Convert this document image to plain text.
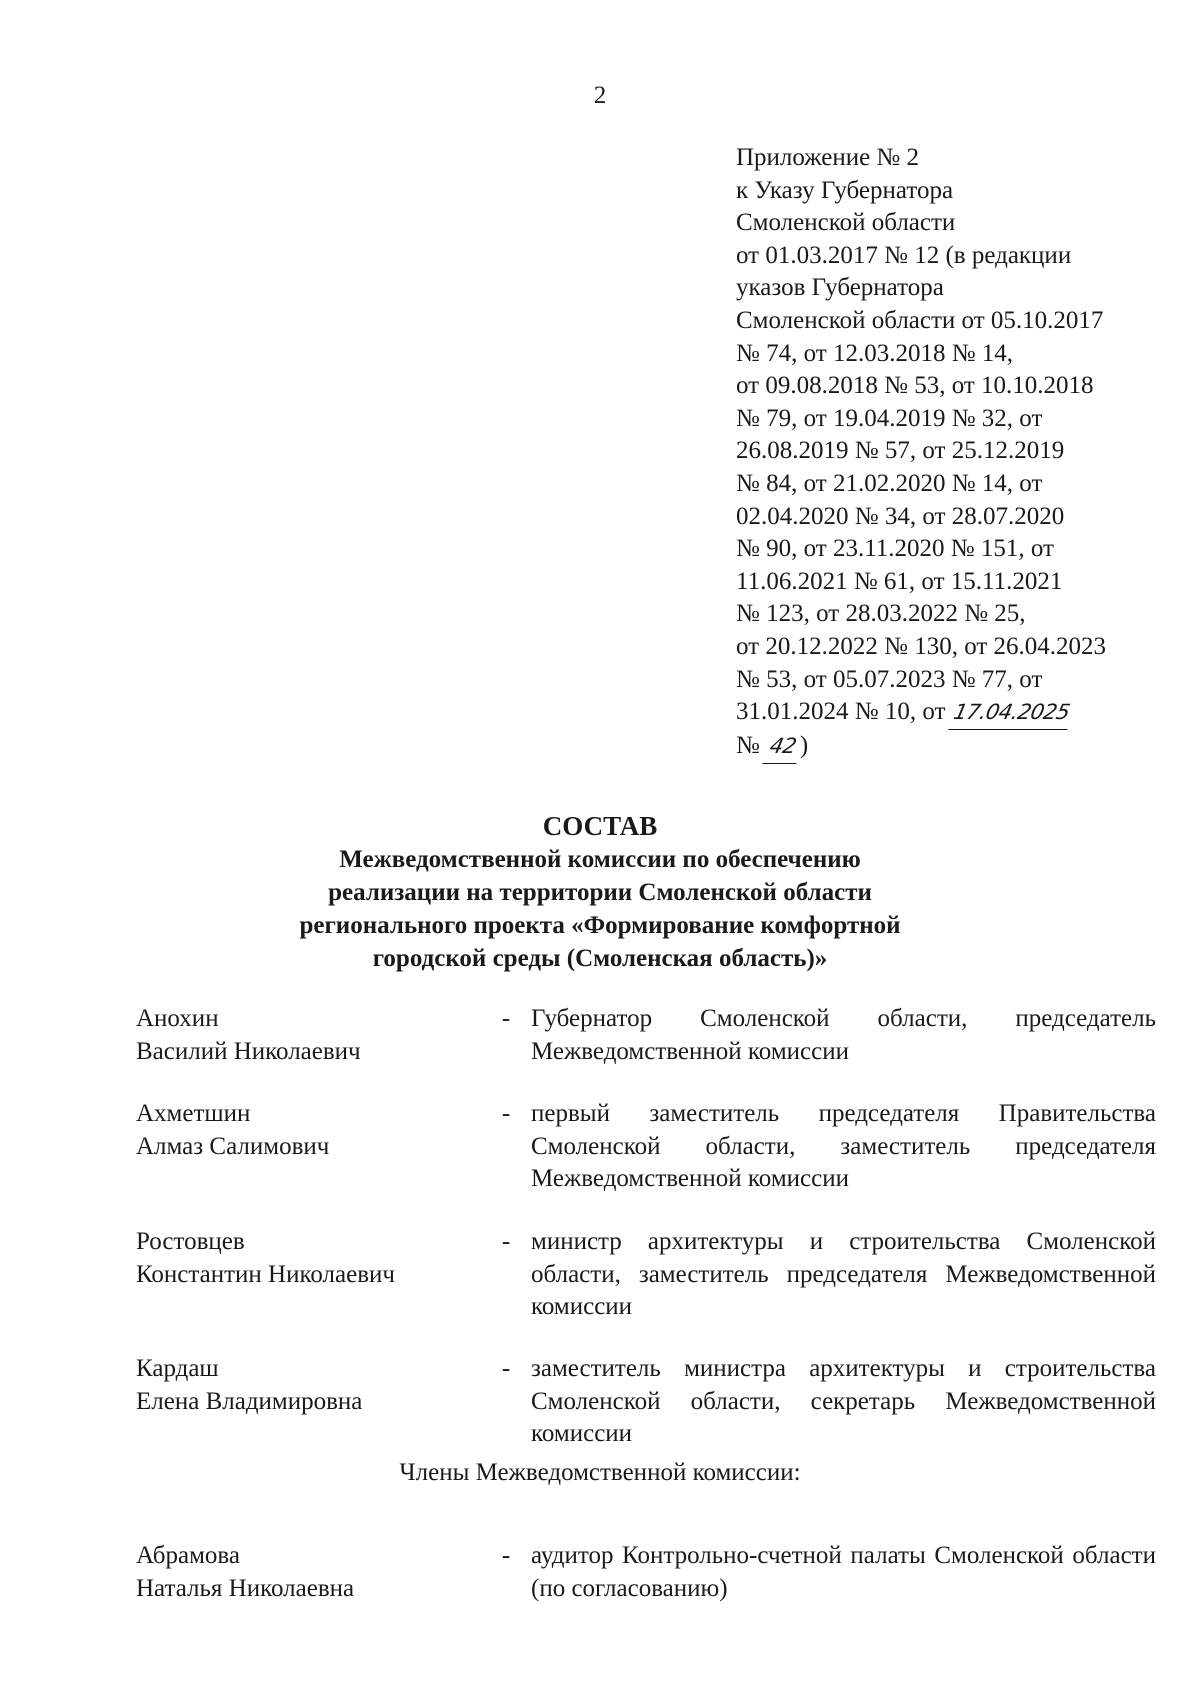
2
Приложение № 2
к Указу Губернатора
Смоленской области
от 01.03.2017 № 12 (в редакции
указов Губернатора
Смоленской области от 05.10.2017
№ 74, от 12.03.2018 № 14,
от 09.08.2018 № 53, от 10.10.2018
№ 79, от 19.04.2019 № 32, от
26.08.2019 № 57, от 25.12.2019
№ 84, от 21.02.2020 № 14, от
02.04.2020 № 34, от 28.07.2020
№ 90, от 23.11.2020 № 151, от
11.06.2021 № 61, от 15.11.2021
№ 123, от 28.03.2022 № 25,
от 20.12.2022 № 130, от 26.04.2023
№ 53, от 05.07.2023 № 77, от
31.01.2024 № 10, от 17.04.2025
№ 42)
СОСТАВ
Межведомственной комиссии по обеспечению
реализации на территории Смоленской области
регионального проекта «Формирование комфортной
городской среды (Смоленская область)»
Анохин
Василий Николаевич
- Губернатор Смоленской области, председатель Межведомственной комиссии
Ахметшин
Алмаз Салимович
- первый заместитель председателя Правительства Смоленской области, заместитель председателя Межведомственной комиссии
Ростовцев
Константин Николаевич
- министр архитектуры и строительства Смоленской области, заместитель председателя Межведомственной комиссии
Кардаш
Елена Владимировна
- заместитель министра архитектуры и строительства Смоленской области, секретарь Межведомственной комиссии
Члены Межведомственной комиссии:
Абрамова
Наталья Николаевна
- аудитор Контрольно-счетной палаты Смоленской области (по согласованию)
